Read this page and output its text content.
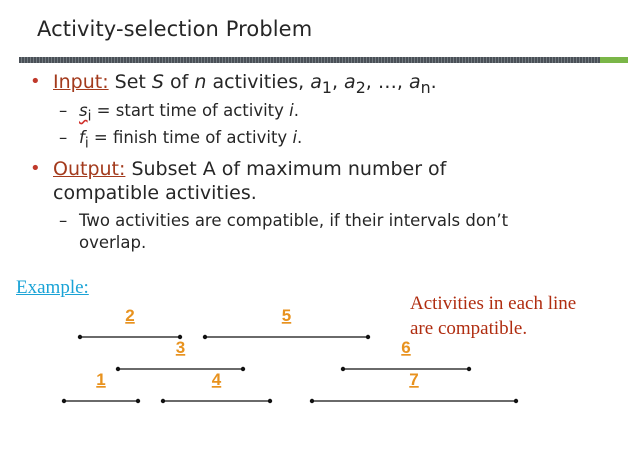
Activity-selection Problem
• Input: Set S of n activities, $a_1$, $a_2$, …, $a_n$.
– $s_i$ = start time of activity i.
– $f_i$ = finish time of activity i.
• Output: Subset A of maximum number of
compatible activities.
– Two activities are compatible, if their intervals don’t
overlap.
Example:
Activities in each line
are compatible.
2	5
3	6
1	4	7
